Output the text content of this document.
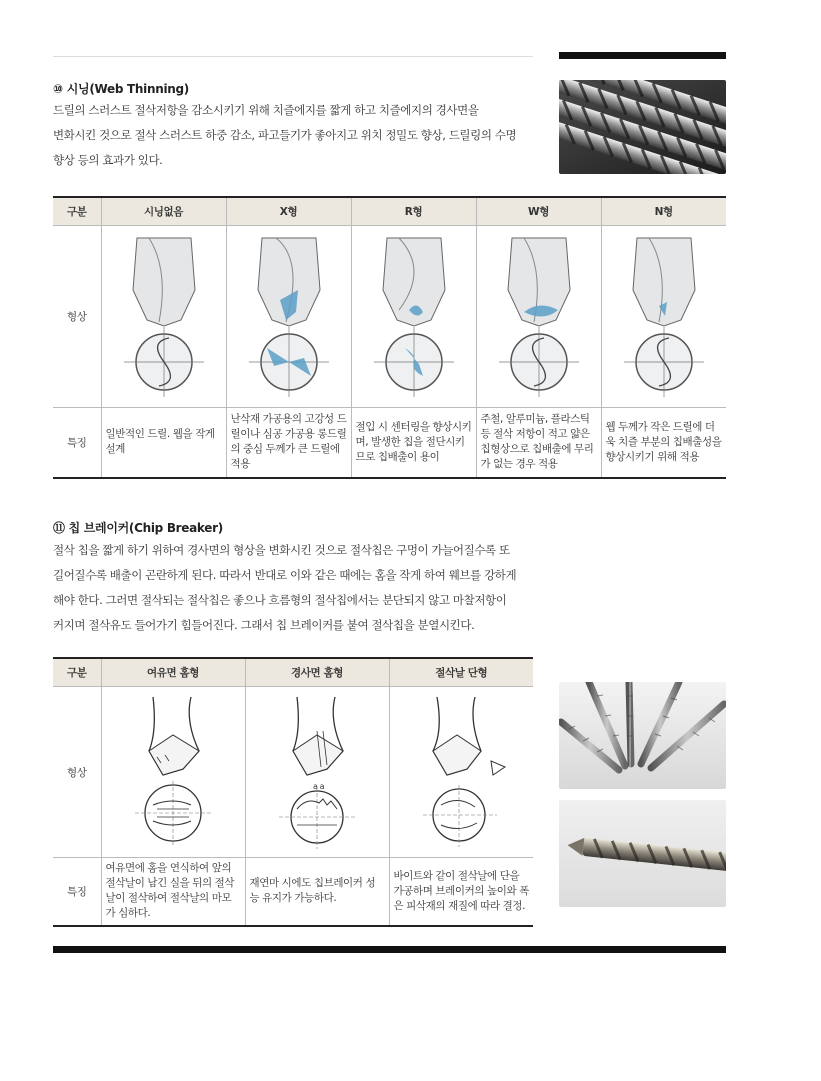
⑩ 시닝(Web Thinning)
드릴의 스러스트 절삭저항을 감소시키기 위해 치즐에지를 짧게 하고 치즐에지의 경사면을
변화시킨 것으로 절삭 스러스트 하중 감소, 파고들기가 좋아지고 위치 정밀도 향상, 드릴링의 수명
향상 등의 효과가 있다.
구분	시닝없음	X형	R형	W형	N형
형상					
특징	일반적인 드릴. 웹을 작게 설계	난삭재 가공용의 고강성 드릴이나 심공 가공용 롱드릴의 중심 두께가 큰 드릴에 적용	절입 시 센터링을 향상시키며, 발생한 칩을 절단시키므로 칩배출이 용이	주철, 알루미늄, 플라스틱 등 절삭 저항이 적고 얇은 칩형상으로 칩배출에 무리가 없는 경우 적용	웹 두께가 작은 드릴에 더욱 치즐 부분의 칩배출성을 향상시키기 위해 적용
⑪ 칩 브레이커(Chip Breaker)
절삭 칩을 짧게 하기 위하여 경사면의 형상을 변화시킨 것으로 절삭칩은 구멍이 가늘어질수록 또
길어질수록 배출이 곤란하게 된다. 따라서 반대로 이와 같은 때에는 홈을 작게 하여 웨브를 강하게
해야 한다. 그러면 절삭되는 절삭칩은 좋으나 흐름형의 절삭칩에서는 분단되지 않고 마찰저항이
커지며 절삭유도 들어가기 힘들어진다. 그래서 칩 브레이커를 붙여 절삭칩을 분열시킨다.
구분	여유면 홈형	경사면 홈형	절삭날 단형
형상		a a

특징	여유면에 홈을 연식하여 앞의 절삭날이 남긴 실을 뒤의 절삭날이 절삭하여 절삭날의 마모가 심하다.	재연마 시에도 칩브레이커 성능 유지가 가능하다.	바이트와 같이 절삭날에 단을 가공하며 브레이커의 높이와 폭은 피삭재의 재질에 따라 결정.
